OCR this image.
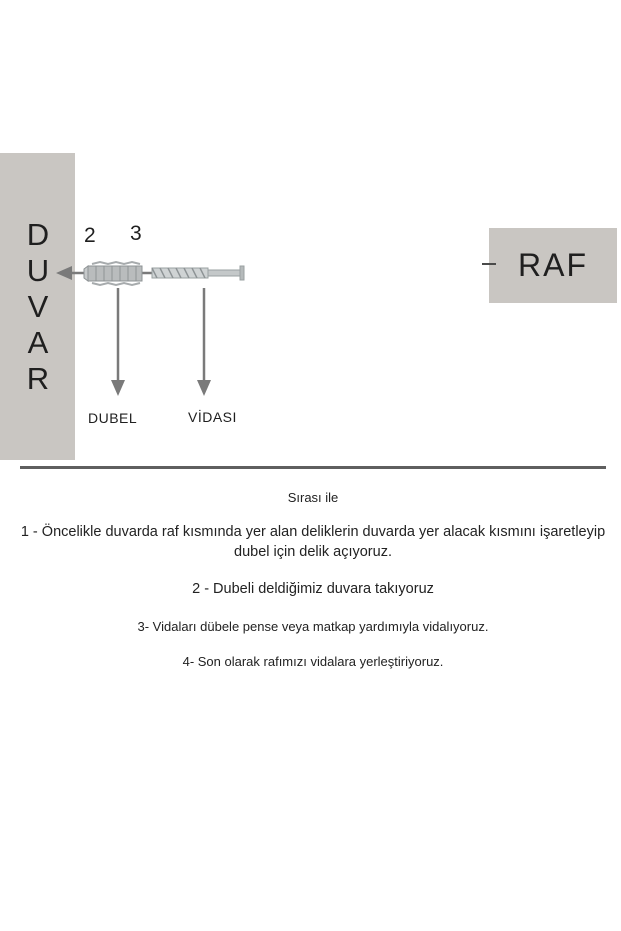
DUVAR	RAF
2 3
DUBEL	VİDASI
Sırası ile
1 - Öncelikle duvarda raf kısmında yer alan deliklerin duvarda yer alacak kısmını işaretleyip dubel için delik açıyoruz.
2 - Dubeli deldiğimiz duvara takıyoruz
3- Vidaları dübele pense veya matkap yardımıyla vidalıyoruz.
4- Son olarak rafımızı vidalara yerleştiriyoruz.
